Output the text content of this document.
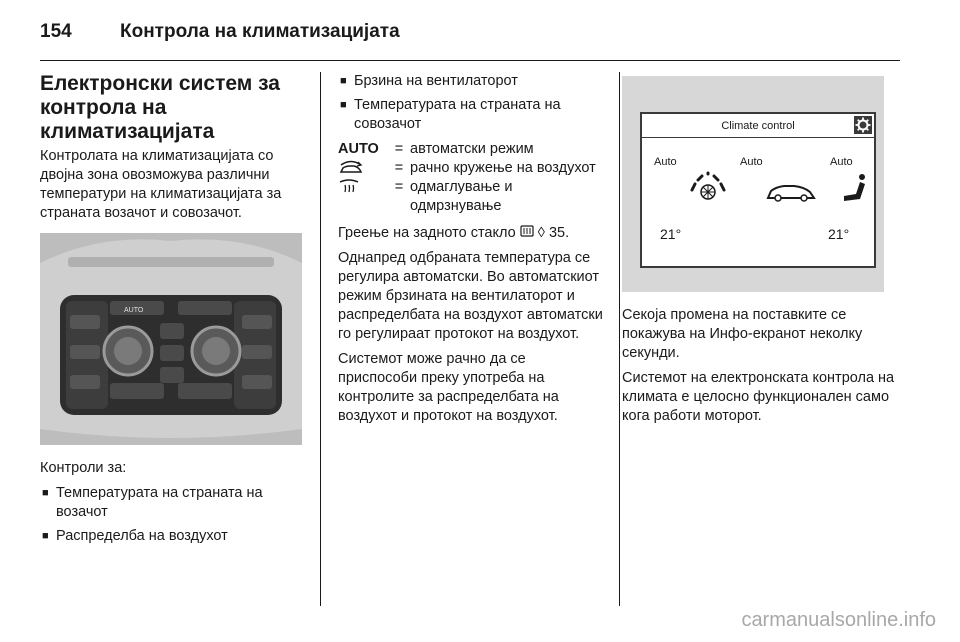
154	Контрола на климатизацијата
Електронски систем за контрола на климатизацијата

Контролата на климатизацијата со двојна зона овозможува различни температури на климатизацијата за страната возачот и совозачот.

AUTO

Контроли за:

■ Температурата на страната на возачот
■ Распределба на воздухот
■ Брзина на вентилаторот
■ Температурата на страната на совозачот
AUTO	= автоматски режим
= рачно кружење на воздухот
= одмаглување и одмрзнување

Греење на задното стакло ◊ 35.

Однапред одбраната температура се регулира автоматски. Во автоматскиот режим брзината на вентилаторот и распределбата на воздухот автоматски го регулираат протокот на воздухот.

Системот може рачно да се приспособи преку употреба на контролите за распределбата на воздухот и протокот на воздухот.

Climate control
Auto	Auto	Auto
21°	21°

Секоја промена на поставките се покажува на Инфо-екранот неколку секунди.

Системот на електронската контрола на климата е целосно функционален само кога работи моторот.

carmanualsonline.info
